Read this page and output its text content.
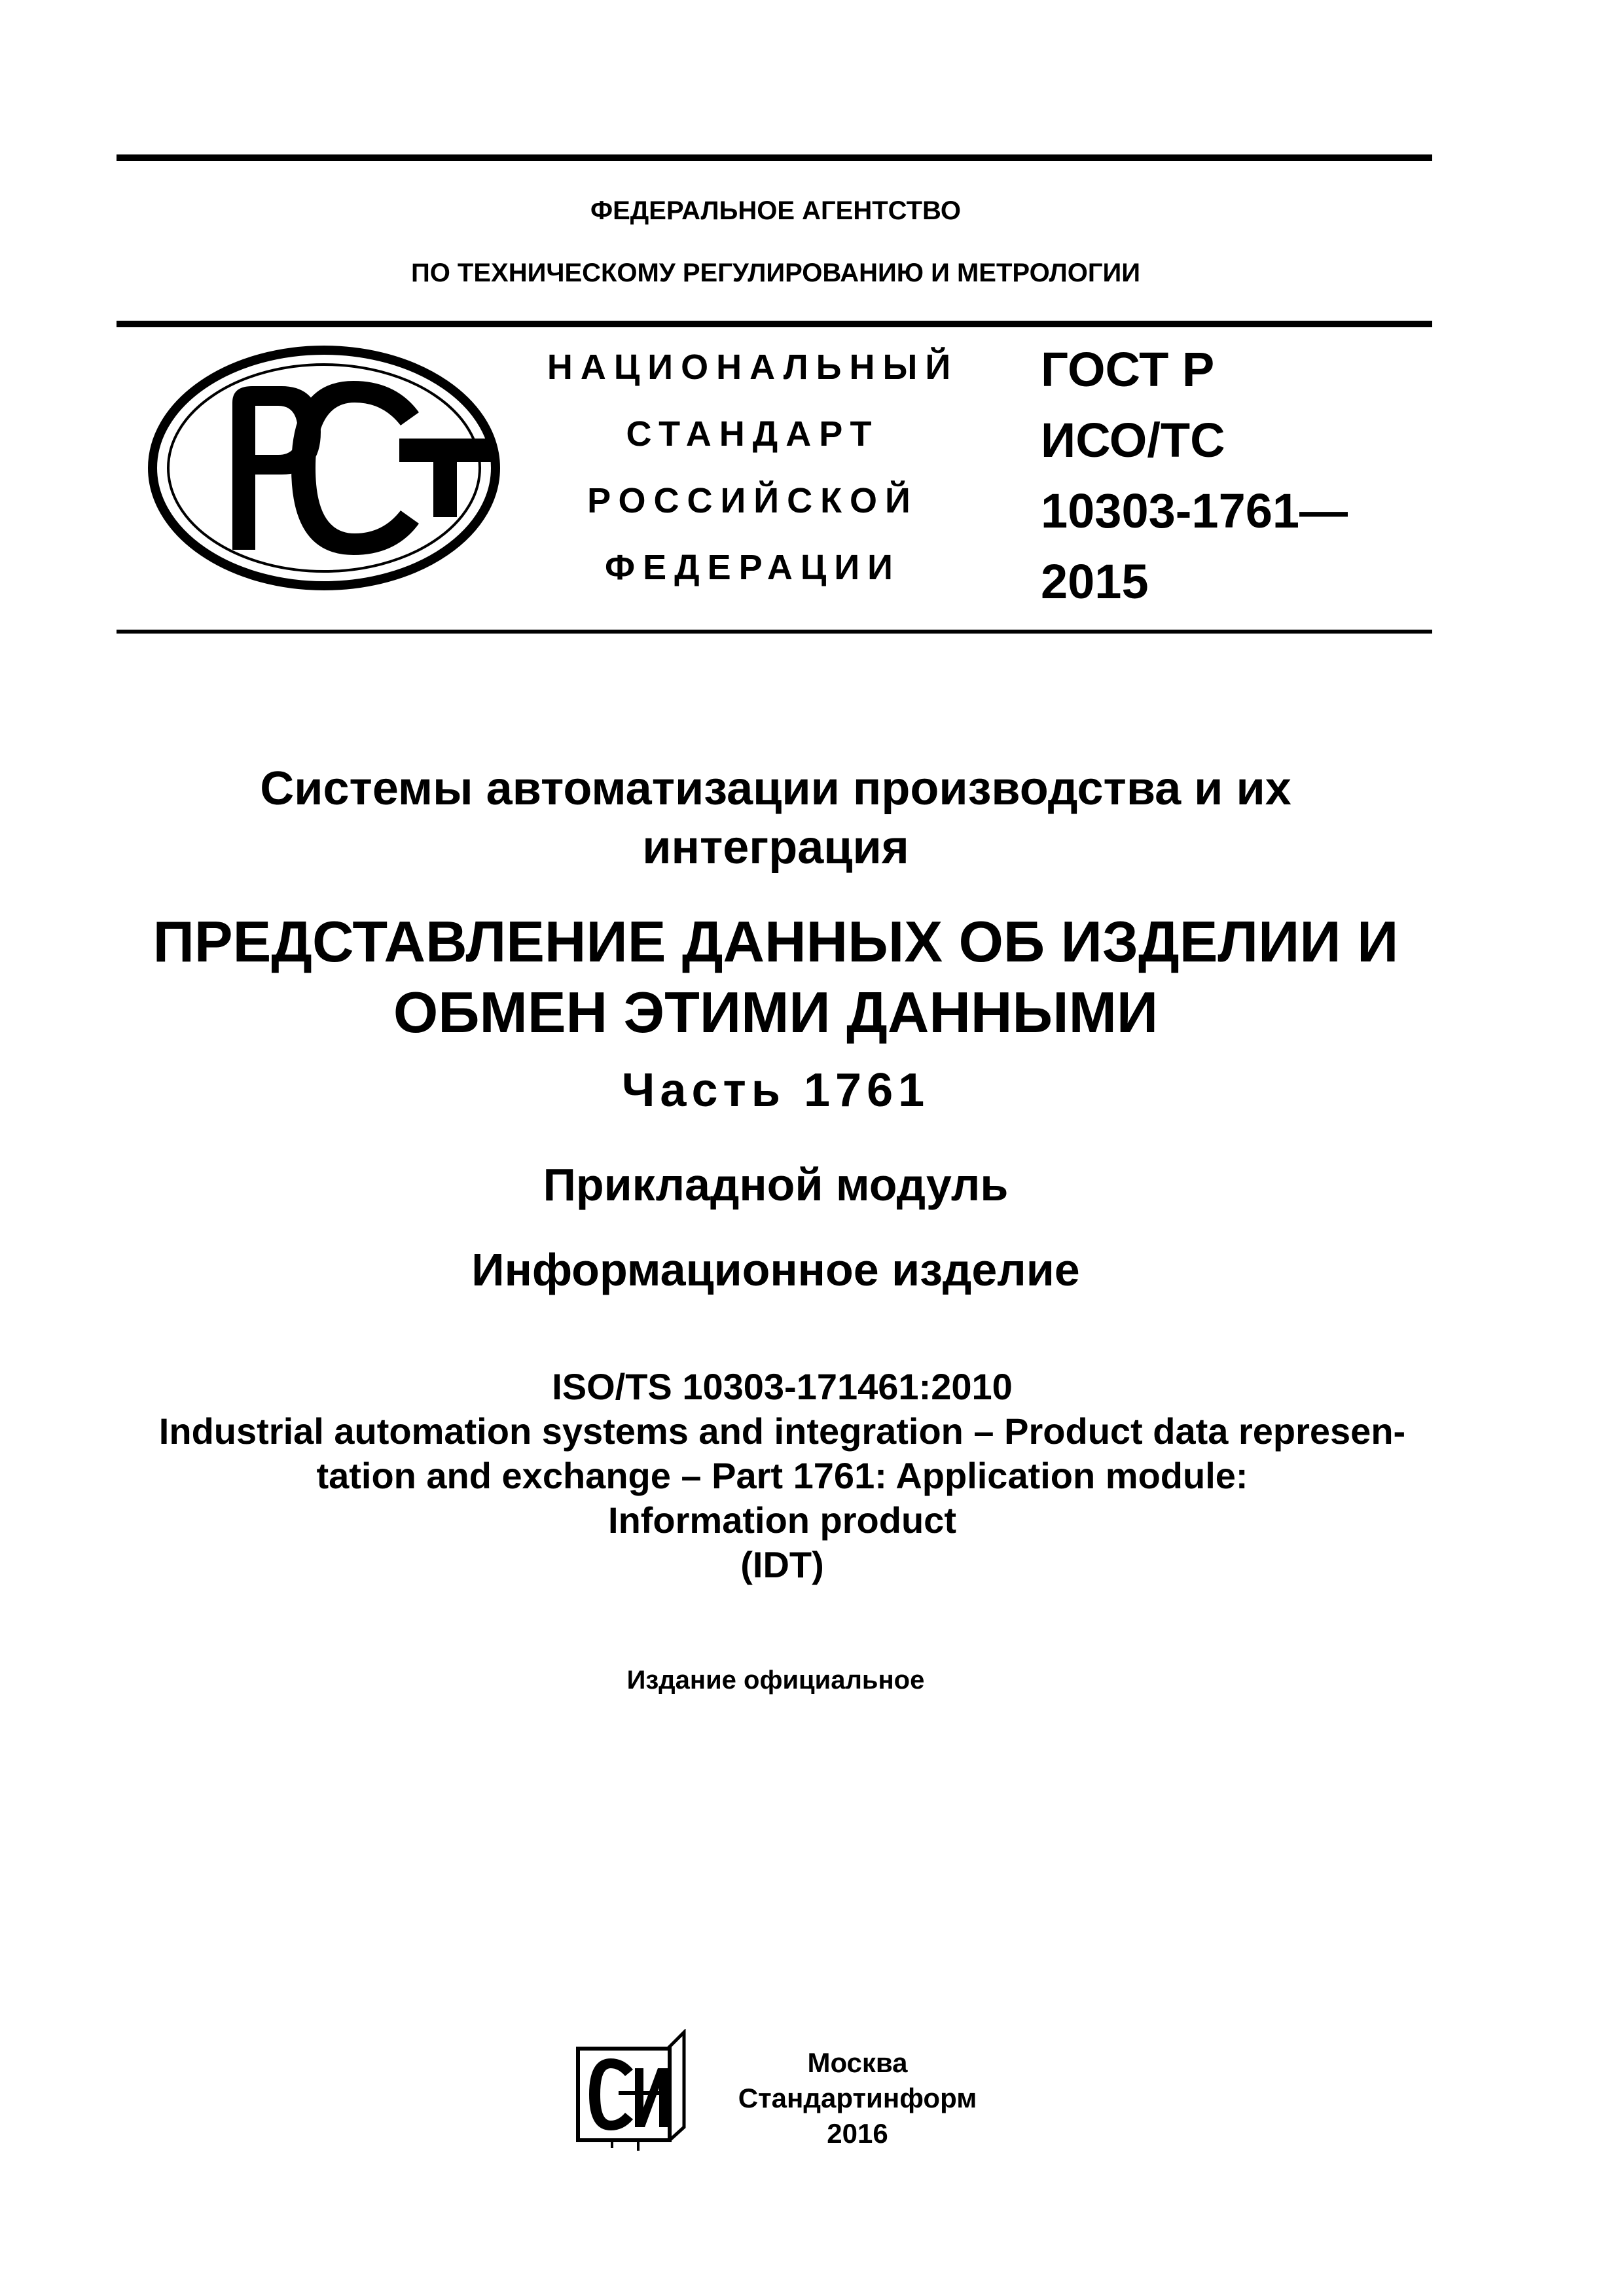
ФЕДЕРАЛЬНОЕ АГЕНТСТВО
ПО ТЕХНИЧЕСКОМУ РЕГУЛИРОВАНИЮ И МЕТРОЛОГИИ
НАЦИОНАЛЬНЫЙ
СТАНДАРТ
РОССИЙСКОЙ
ФЕДЕРАЦИИ
ГОСТ Р
ИСО/ТС
10303-1761—
2015
Системы автоматизации производства и их
интеграция
ПРЕДСТАВЛЕНИЕ ДАННЫХ ОБ ИЗДЕЛИИ И
ОБМЕН ЭТИМИ ДАННЫМИ
Часть 1761
Прикладной модуль
Информационное изделие
ISO/TS 10303-171461:2010
Industrial automation systems and integration – Product data represen-
tation and exchange – Part 1761: Application module:
Information product
(IDT)
Издание официальное
Москва
Стандартинформ
2016
